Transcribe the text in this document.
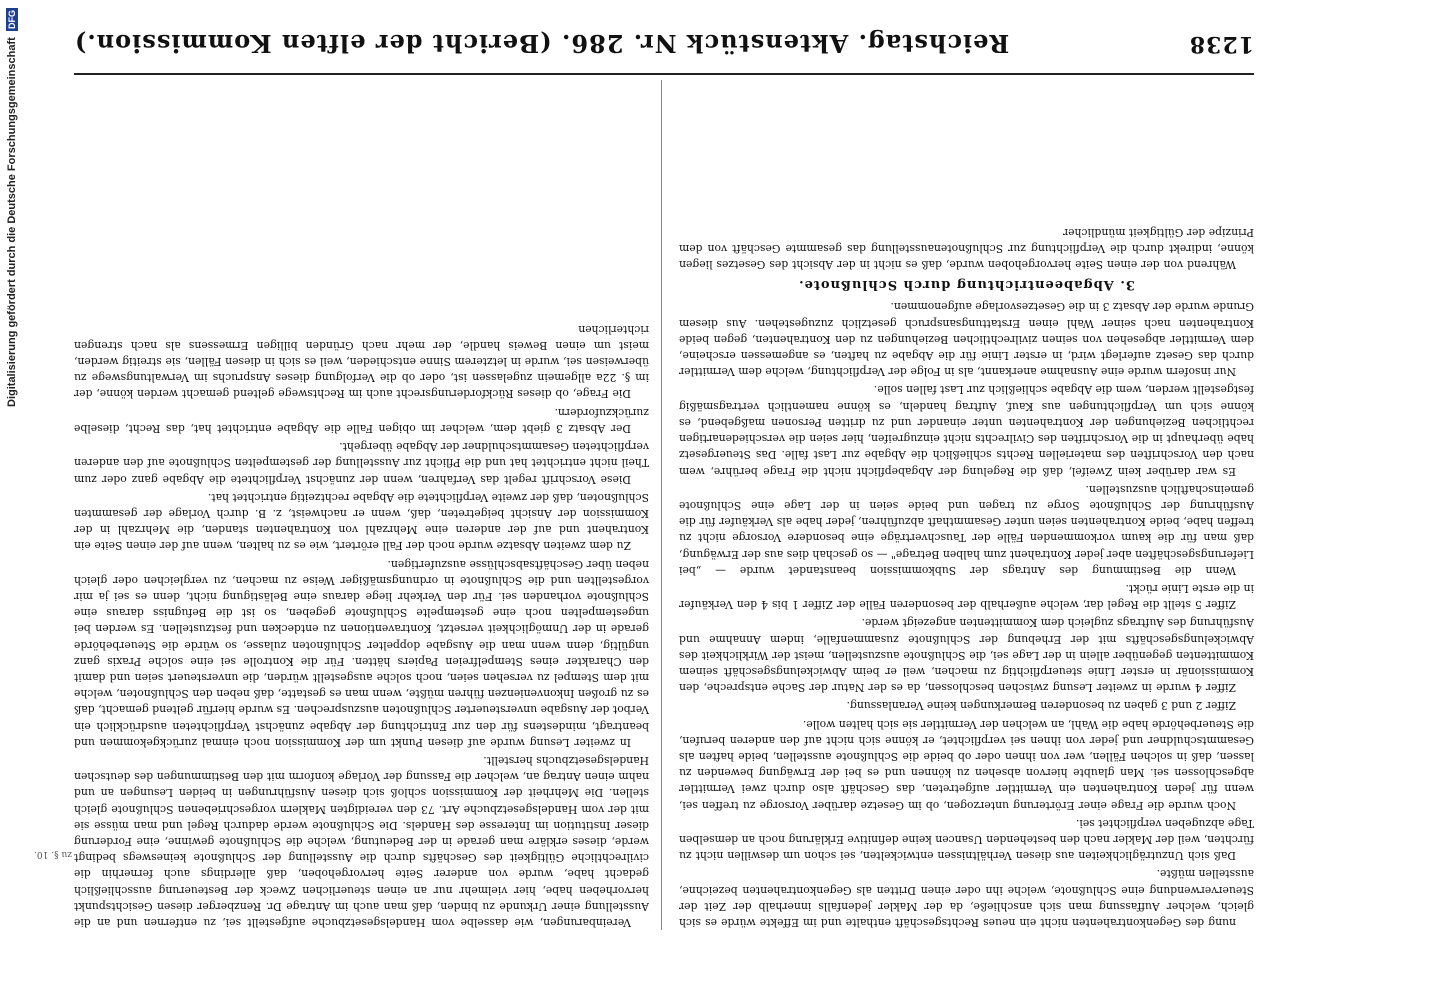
1238
Reichstag. Aktenstück Nr. 286. (Bericht der elften Kommission.)

nung des Gegenkontrahenten nicht ein neues Rechtsgeschäft enthalte und im Effekte würde es sich gleich, welcher Auffassung man sich anschließe, da der Makler jedenfalls innerhalb der Zeit der Steuerverwendung eine Schlußnote, welche ihn oder einen Dritten als Gegenkontrahenten bezeichne, ausstellen müßte.

Daß sich Unzuträglichkeiten aus diesen Verhältnissen entwickelten, sei schon um deswillen nicht zu fürchten, weil der Makler nach den bestehenden Usancen keine definitive Erklärung noch an demselben Tage abzugeben verpflichtet sei.

Noch wurde die Frage einer Erörterung unterzogen, ob im Gesetze darüber Vorsorge zu treffen sei, wenn für jeden Kontrahenten ein Vermittler aufgetreten, das Geschäft also durch zwei Vermittler abgeschlossen sei. Man glaubte hiervon absehen zu können und es bei der Erwägung bewenden zu lassen, daß in solchen Fällen, wer von ihnen oder ob beide die Schlußnote ausstellen, beide haften als Gesammtschuldner und jeder von ihnen sei verpflichtet, er könne sich nicht auf den anderen berufen, die Steuerbehörde habe die Wahl, an welchen der Vermittler sie sich halten wolle.

Ziffer 2 und 3 gaben zu besonderen Bemerkungen keine Veranlassung.

Ziffer 4 wurde in zweiter Lesung zwischen beschlossen, da es der Natur der Sache entspreche, den Kommissionär in erster Linie steuerpflichtig zu machen, weil er beim Abwickelungsgeschäft seinem Kommittenten gegenüber allein in der Lage sei, die Schlußnote auszustellen, meist der Wirklichkeit des Abwickelungsgeschäfts mit der Erhebung der Schlußnote zusammenfalle, indem Annahme und Ausführung des Auftrags zugleich dem Kommittenten angezeigt werde.

Ziffer 5 stellt die Regel dar, welche außerhalb der besonderen Fälle der Ziffer 1 bis 4 den Verkäufer in die erste Linie rückt.

Wenn die Bestimmung des Antrags der Subkommission beanstandet wurde — „bei Lieferungsgeschäften aber jeder Kontrahent zum halben Betrage" — so geschah dies aus der Erwägung, daß man für die kaum vorkommenden Fälle der Tauschverträge eine besondere Vorsorge nicht zu treffen habe, beide Kontrahenten seien unter Gesammthaft abzuführen, jeder habe als Verkäufer für die Ausführung der Schlußnote Sorge zu tragen und beide seien in der Lage eine Schlußnote gemeinschaftlich auszustellen.

Es war darüber kein Zweifel, daß die Regelung der Abgabepflicht nicht die Frage berühre, wem nach den Vorschriften des materiellen Rechts schließlich die Abgabe zur Last falle. Das Steuergesetz habe überhaupt in die Vorschriften des Civilrechts nicht einzugreifen, hier seien die verschiedenartigen rechtlichen Beziehungen der Kontrahenten unter einander und zu dritten Personen maßgebend, es könne sich um Verpflichtungen aus Kauf, Auftrag handeln, es könne namentlich vertragsmäßig festgestellt werden, wem die Abgabe schließlich zur Last fallen solle.

Nur insofern wurde eine Ausnahme anerkannt, als in Folge der Verpflichtung, welche dem Vermittler durch das Gesetz auferlegt wird, in erster Linie für die Abgabe zu haften, es angemessen erscheine, dem Vermittler abgesehen von seinen zivilrechtlichen Beziehungen zu den Kontrahenten, gegen beide Kontrahenten nach seiner Wahl einen Erstattungsanspruch gesetzlich zuzugestehen. Aus diesem Grunde wurde der Absatz 3 in die Gesetzesvorlage aufgenommen.

3. Abgabeentrichtung durch Schlußnote.

Während von der einen Seite hervorgehoben wurde, daß es nicht in der Absicht des Gesetzes liegen könne, indirekt durch die Verpflichtung zur Schlußnotenausstellung das gesammte Geschäft von dem Prinzipe der Gültigkeit mündlicher

Vereinbarungen, wie dasselbe vom Handelsgesetzbuche aufgestellt sei, zu entfernen und an die Ausstellung einer Urkunde zu binden, daß man auch im Antrage Dr. Renzberger diesen Gesichtspunkt hervorheben habe, hier vielmehr nur an einen steuerlichen Zweck der Besteuerung ausschließlich gedacht habe, wurde von anderer Seite hervorgehoben, daß allerdings auch fernerhin die civilrechtliche Gültigkeit des Geschäfts durch die Ausstellung der Schlußnote keineswegs bedingt werde, dieses erkläre man gerade in der Bedeutung, welche die Schlußnote gewinne, eine Forderung dieser Institution im Interesse des Handels. Die Schlußnote werde dadurch Regel und man müsse sie mit der vom Handelsgesetzbuche Art. 73 den vereidigten Maklern vorgeschriebenen Schlußnote gleich stellen. Die Mehrheit der Kommission schloß sich diesen Ausführungen in beiden Lesungen an und nahm einen Antrag an, welcher die Fassung der Vorlage konform mit den Bestimmungen des deutschen Handelsgesetzbuchs herstellt.

In zweiter Lesung wurde auf diesen Punkt um der Kommission noch einmal zurückgekommen und beantragt, mindestens für den zur Entrichtung der Abgabe zunächst Verpflichteten ausdrücklich ein Verbot der Ausgabe unversteuerter Schlußnoten auszusprechen. Es wurde hierfür geltend gemacht, daß es zu großen Inkonvenienzen führen müßte, wenn man es gestatte, daß neben den Schlußnoten, welche mit dem Stempel zu versehen seien, noch solche ausgestellt würden, die unversteuert seien und damit den Charakter eines Stempelfreien Papiers hätten. Für die Kontrolle sei eine solche Praxis ganz ungültig, denn wenn man die Ausgabe doppelter Schlußnoten zulasse, so würde die Steuerbehörde gerade in der Unmöglichkeit versetzt, Kontraventionen zu entdecken und festzustellen. Es werden bei ungestempelten noch eine gestempelte Schlußnote gegeben, so ist die Befugniss daraus eine Schlußnote vorhanden sei. Für den Verkehr liege daraus eine Belästigung nicht, denn es sei ja mir vorgestellten und die Schlußnote in ordnungsmäßiger Weise zu machen, zu vergleichen oder gleich neben über Geschäftsabschlüsse auszufertigen.

Zu dem zweiten Absatze wurde noch der Fall erörtert, wie es zu halten, wenn auf der einen Seite ein Kontrahent und auf der anderen eine Mehrzahl von Kontrahenten standen, die Mehrzahl in der Kommission der Ansicht beigetreten, daß, wenn er nachweist, z. B. durch Vorlage der gesammten Schlußnoten, daß der zweite Verpflichtete die Abgabe rechtzeitig entrichtet hat.

Diese Vorschrift regelt das Verfahren, wenn der zunächst Verpflichtete die Abgabe ganz oder zum Theil nicht entrichtet hat und die Pflicht zur Ausstellung der gestempelten Schlußnote auf den anderen verpflichteten Gesammtschuldner der Abgabe übergeht.

Der Absatz 3 giebt dem, welcher im obigen Falle die Abgabe entrichtet hat, das Recht, dieselbe zurückzufordern.

Die Frage, ob dieses Rückforderungsrecht auch im Rechtswege geltend gemacht werden könne, der im §. 22a allgemein zugelassen ist, oder ob die Verfolgung dieses Anspruchs im Verwaltungswege zu überweisen sei, wurde in letzterem Sinne entschieden, weil es sich in diesen Fällen, sie streitig werden, meist um einen Beweis handle, der mehr nach Gründen billigen Ermessens als nach strengen richterlichen

zu §. 10.
Digitalisierung gefördert durch die Deutsche Forschungsgemeinschaft
DFG
